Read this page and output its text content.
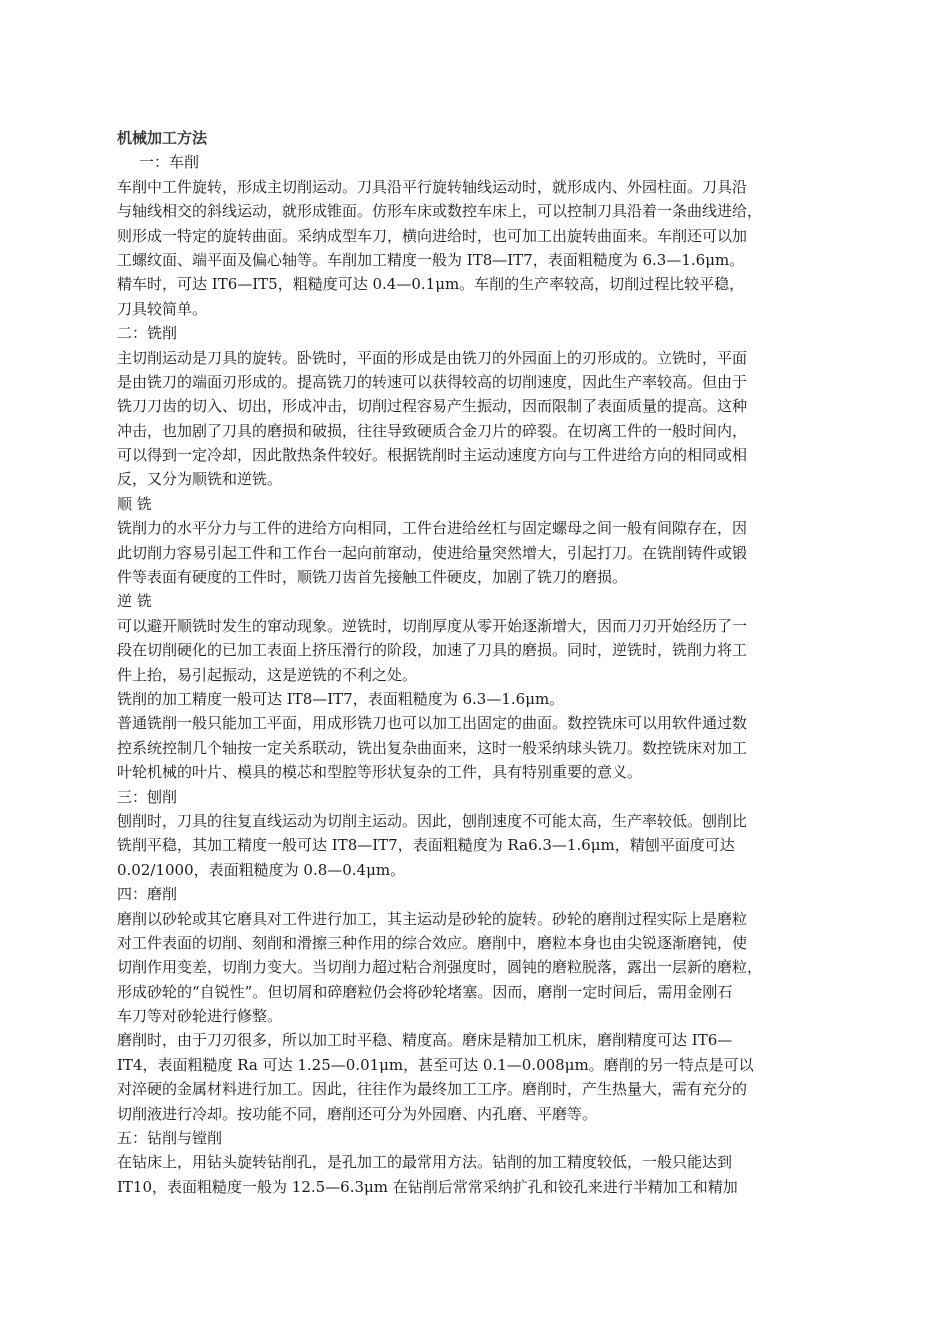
机械加工方法
一：车削
车削中工件旋转，形成主切削运动。刀具沿平行旋转轴线运动时，就形成内、外园柱面。刀具沿
与轴线相交的斜线运动，就形成锥面。仿形车床或数控车床上，可以控制刀具沿着一条曲线进给，
则形成一特定的旋转曲面。采纳成型车刀，横向进给时，也可加工出旋转曲面来。车削还可以加
工螺纹面、端平面及偏心轴等。车削加工精度一般为 IT8—IT7，表面粗糙度为 6.3—1.6μm。
精车时，可达 IT6—IT5，粗糙度可达 0.4—0.1μm。车削的生产率较高，切削过程比较平稳，
刀具较简单。
二：铣削
主切削运动是刀具的旋转。卧铣时，平面的形成是由铣刀的外园面上的刃形成的。立铣时，平面
是由铣刀的端面刃形成的。提高铣刀的转速可以获得较高的切削速度，因此生产率较高。但由于
铣刀刀齿的切入、切出，形成冲击，切削过程容易产生振动，因而限制了表面质量的提高。这种
冲击，也加剧了刀具的磨损和破损，往往导致硬质合金刀片的碎裂。在切离工件的一般时间内，
可以得到一定冷却，因此散热条件较好。根据铣削时主运动速度方向与工件进给方向的相同或相
反，又分为顺铣和逆铣。
顺 铣
铣削力的水平分力与工件的进给方向相同，工件台进给丝杠与固定螺母之间一般有间隙存在，因
此切削力容易引起工件和工作台一起向前窜动，使进给量突然增大，引起打刀。在铣削铸件或锻
件等表面有硬度的工件时，顺铣刀齿首先接触工件硬皮，加剧了铣刀的磨损。
逆 铣
可以避开顺铣时发生的窜动现象。逆铣时，切削厚度从零开始逐渐增大，因而刀刃开始经历了一
段在切削硬化的已加工表面上挤压滑行的阶段，加速了刀具的磨损。同时，逆铣时，铣削力将工
件上抬，易引起振动，这是逆铣的不利之处。
铣削的加工精度一般可达 IT8—IT7，表面粗糙度为 6.3—1.6μm。
普通铣削一般只能加工平面，用成形铣刀也可以加工出固定的曲面。数控铣床可以用软件通过数
控系统控制几个轴按一定关系联动，铣出复杂曲面来，这时一般采纳球头铣刀。数控铣床对加工
叶轮机械的叶片、模具的模芯和型腔等形状复杂的工件，具有特别重要的意义。
三：刨削
刨削时，刀具的往复直线运动为切削主运动。因此，刨削速度不可能太高，生产率较低。刨削比
铣削平稳，其加工精度一般可达 IT8—IT7，表面粗糙度为 Ra6.3—1.6μm，精刨平面度可达
0.02/1000，表面粗糙度为 0.8—0.4μm。
四：磨削
磨削以砂轮或其它磨具对工件进行加工，其主运动是砂轮的旋转。砂轮的磨削过程实际上是磨粒
对工件表面的切削、刻削和滑擦三种作用的综合效应。磨削中，磨粒本身也由尖锐逐渐磨钝，使
切削作用变差，切削力变大。当切削力超过粘合剂强度时，圆钝的磨粒脱落，露出一层新的磨粒，
形成砂轮的“自锐性”。但切屑和碎磨粒仍会将砂轮堵塞。因而，磨削一定时间后，需用金刚石
车刀等对砂轮进行修整。
磨削时，由于刀刃很多，所以加工时平稳、精度高。磨床是精加工机床，磨削精度可达 IT6—
IT4，表面粗糙度 Ra 可达 1.25—0.01μm，甚至可达 0.1—0.008μm。磨削的另一特点是可以
对淬硬的金属材料进行加工。因此，往往作为最终加工工序。磨削时，产生热量大，需有充分的
切削液进行冷却。按功能不同，磨削还可分为外园磨、内孔磨、平磨等。
五：钻削与镗削
在钻床上，用钻头旋转钻削孔，是孔加工的最常用方法。钻削的加工精度较低，一般只能达到
IT10，表面粗糙度一般为 12.5—6.3μm 在钻削后常常采纳扩孔和铰孔来进行半精加工和精加
